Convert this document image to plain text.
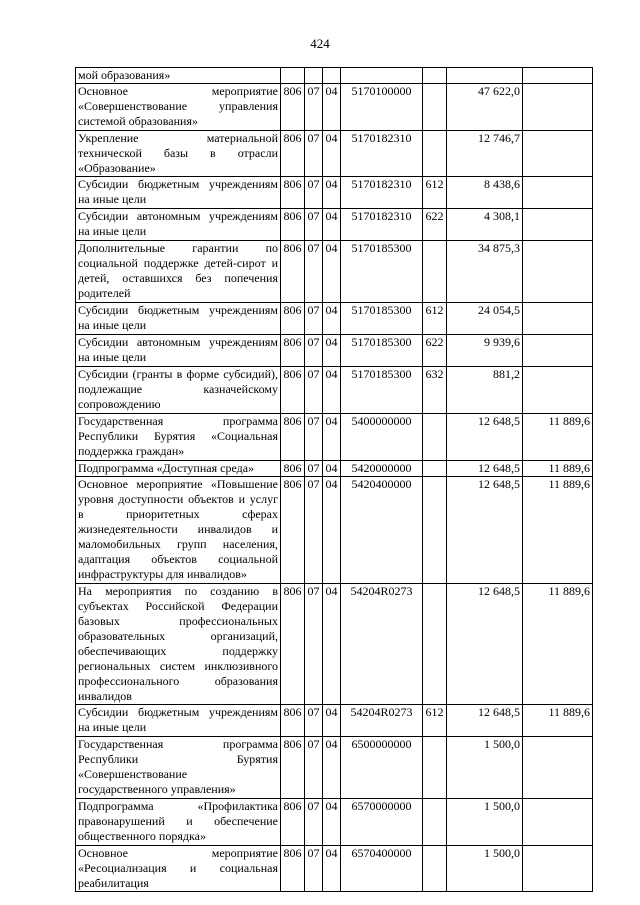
424
мой образования»							
Основное мероприятие «Совершенствование управления системой образования»	806	07	04	5170100000		47 622,0	
Укрепление материальной технической базы в отрасли «Образование»	806	07	04	5170182310		12 746,7	
Субсидии бюджетным учреждениям на иные цели	806	07	04	5170182310	612	8 438,6	
Субсидии автономным учреждениям на иные цели	806	07	04	5170182310	622	4 308,1	
Дополнительные гарантии по социальной поддержке детей-сирот и детей, оставшихся без попечения родителей	806	07	04	5170185300		34 875,3	
Субсидии бюджетным учреждениям на иные цели	806	07	04	5170185300	612	24 054,5	
Субсидии автономным учреждениям на иные цели	806	07	04	5170185300	622	9 939,6	
Субсидии (гранты в форме субсидий), подлежащие казначейскому сопровождению	806	07	04	5170185300	632	881,2	
Государственная программа Республики Бурятия «Социальная поддержка граждан»	806	07	04	5400000000		12 648,5	11 889,6
Подпрограмма «Доступная среда»	806	07	04	5420000000		12 648,5	11 889,6
Основное мероприятие «Повышение уровня доступности объектов и услуг в приоритетных сферах жизнедеятельности инвалидов и маломобильных групп населения, адаптация объектов социальной инфраструктуры для инвалидов»	806	07	04	5420400000		12 648,5	11 889,6
На мероприятия по созданию в субъектах Российской Федерации базовых профессиональных образовательных организаций, обеспечивающих поддержку региональных систем инклюзивного профессионального образования инвалидов	806	07	04	54204R0273		12 648,5	11 889,6
Субсидии бюджетным учреждениям на иные цели	806	07	04	54204R0273	612	12 648,5	11 889,6
Государственная программа Республики Бурятия «Совершенствование государственного управления»	806	07	04	6500000000		1 500,0	
Подпрограмма «Профилактика правонарушений и обеспечение общественного порядка»	806	07	04	6570000000		1 500,0	
Основное мероприятие «Ресоциализация и социальная реабилитация	806	07	04	6570400000		1 500,0	
